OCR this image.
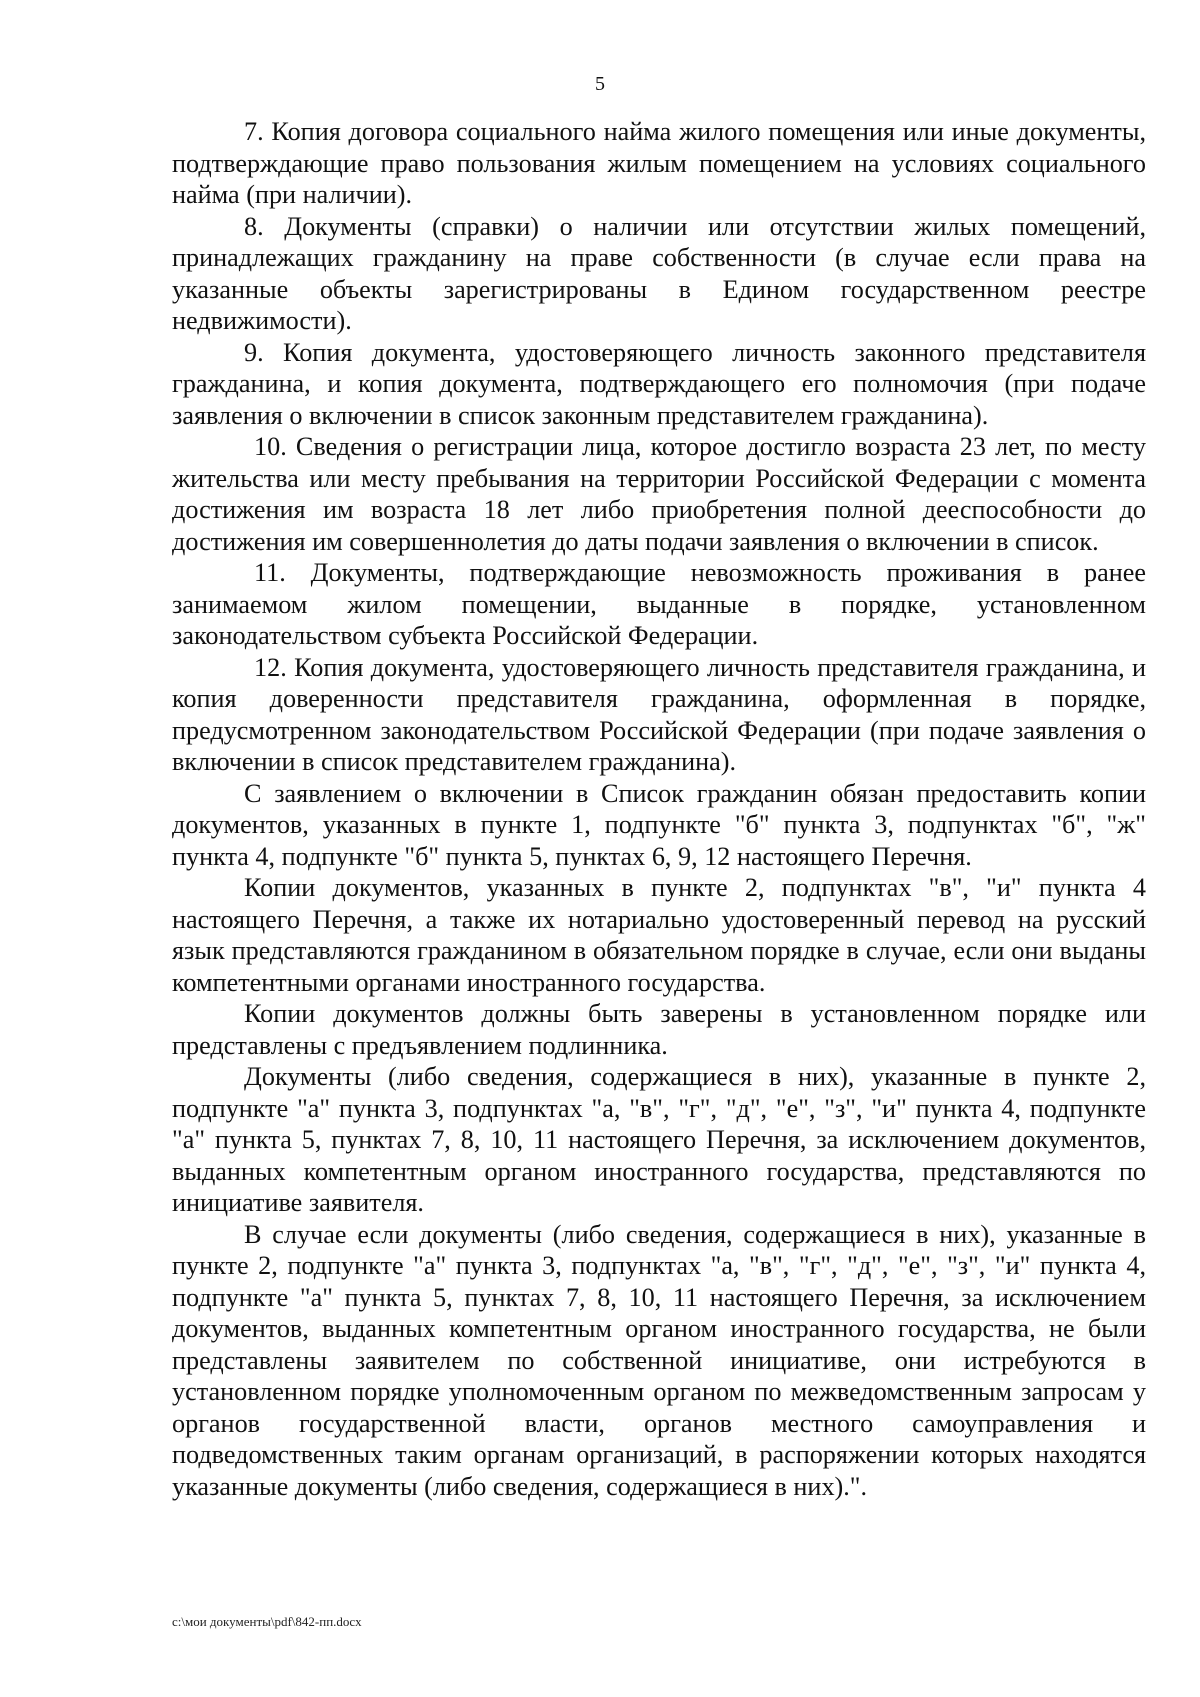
5

7. Копия договора социального найма жилого помещения или иные документы, подтверждающие право пользования жилым помещением на условиях социального найма (при наличии).

8. Документы (справки) о наличии или отсутствии жилых помещений, принадлежащих гражданину на праве собственности (в случае если права на указанные объекты зарегистрированы в Едином государственном реестре недвижимости).

9. Копия документа, удостоверяющего личность законного представителя гражданина, и копия документа, подтверждающего его полномочия (при подаче заявления о включении в список законным представителем гражданина).

10. Сведения о регистрации лица, которое достигло возраста 23 лет, по месту жительства или месту пребывания на территории Российской Федерации с момента достижения им возраста 18 лет либо приобретения полной дееспособности до достижения им совершеннолетия до даты подачи заявления о включении в список.

11. Документы, подтверждающие невозможность проживания в ранее занимаемом жилом помещении, выданные в порядке, установленном законодательством субъекта Российской Федерации.

12. Копия документа, удостоверяющего личность представителя гражданина, и копия доверенности представителя гражданина, оформленная в порядке, предусмотренном законодательством Российской Федерации (при подаче заявления о включении в список представителем гражданина).

С заявлением о включении в Список гражданин обязан предоставить копии документов, указанных в пункте 1, подпункте "б" пункта 3, подпунктах "б", "ж" пункта 4, подпункте "б" пункта 5, пунктах 6, 9, 12 настоящего Перечня.

Копии документов, указанных в пункте 2, подпунктах "в", "и" пункта 4 настоящего Перечня, а также их нотариально удостоверенный перевод на русский язык представляются гражданином в обязательном порядке в случае, если они выданы компетентными органами иностранного государства.

Копии документов должны быть заверены в установленном порядке или представлены с предъявлением подлинника.

Документы (либо сведения, содержащиеся в них), указанные в пункте 2, подпункте "а" пункта 3, подпунктах "а, "в", "г", "д", "е", "з", "и" пункта 4, подпункте "а" пункта 5, пунктах 7, 8, 10, 11 настоящего Перечня, за исключением документов, выданных компетентным органом иностранного государства, представляются по инициативе заявителя.

В случае если документы (либо сведения, содержащиеся в них), указанные в пункте 2, подпункте "а" пункта 3, подпунктах "а, "в", "г", "д", "е", "з", "и" пункта 4, подпункте "а" пункта 5, пунктах 7, 8, 10, 11 настоящего Перечня, за исключением документов, выданных компетентным органом иностранного государства, не были представлены заявителем по собственной инициативе, они истребуются в установленном порядке уполномоченным органом по межведомственным запросам у органов государственной власти, органов местного самоуправления и подведомственных таким органам организаций, в распоряжении которых находятся указанные документы (либо сведения, содержащиеся в них).".

c:\мои документы\pdf\842-пп.docx
